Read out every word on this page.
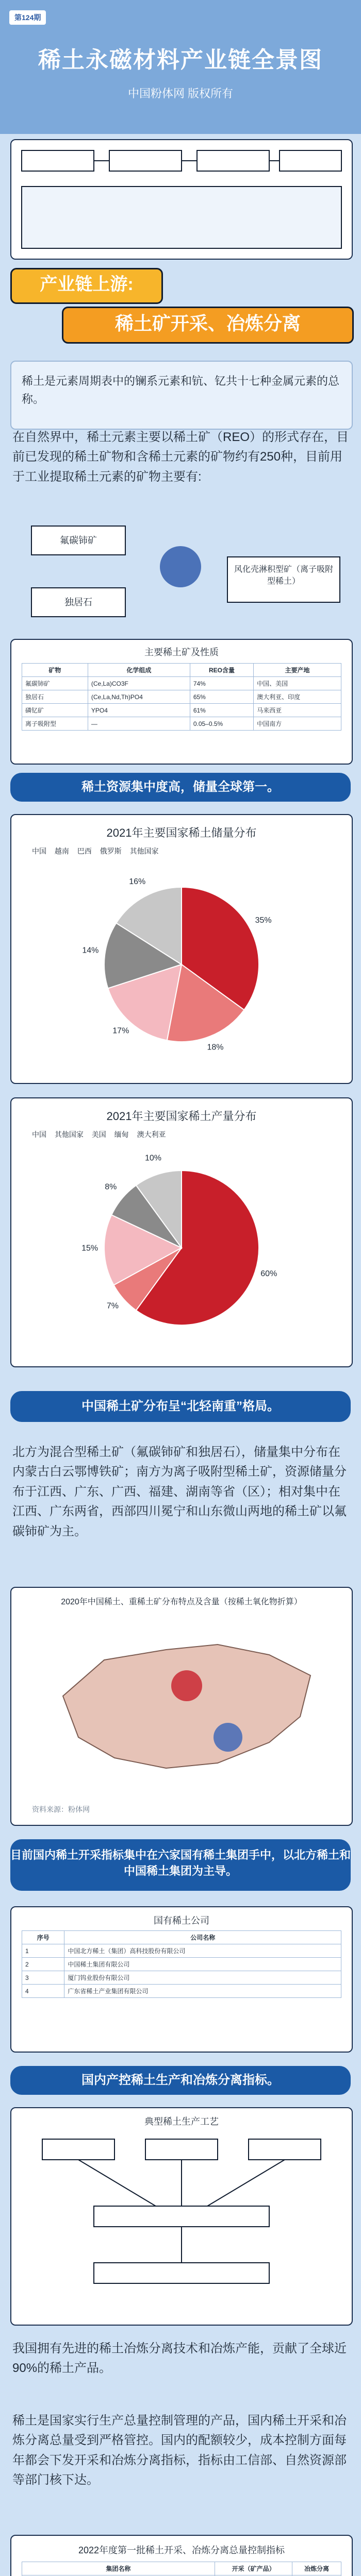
第124期
稀土永磁材料产业链全景图
中国粉体网 版权所有
产业链上游:
稀土矿开采、冶炼分离
稀土是元素周期表中的镧系元素和钪、钇共十七种金属元素的总称。
在自然界中，稀土元素主要以稀土矿（REO）的形式存在，目前已发现的稀土矿物和含稀土元素的矿物约有250种，目前用于工业提取稀土元素的矿物主要有:
氟碳铈矿
独居石
风化壳淋积型矿（离子吸附型稀土）
主要稀土矿及性质
矿物	化学组成	REO含量	主要产地
氟碳铈矿	(Ce,La)CO3F	74%	中国、美国
独居石	(Ce,La,Nd,Th)PO4	65%	澳大利亚、印度
磷钇矿	YPO4	61%	马来西亚
离子吸附型	—	0.05–0.5%	中国南方
稀土资源集中度高，储量全球第一。
2021年主要国家稀土储量分布
中国 越南 巴西 俄罗斯 其他国家
35%
18%
17%
14%
16%
2021年主要国家稀土产量分布
中国 其他国家 美国 缅甸 澳大利亚
60%
7%
15%
8%
10%
中国稀土矿分布呈“北轻南重”格局。
北方为混合型稀土矿（氟碳铈矿和独居石），储量集中分布在内蒙古白云鄂博铁矿；南方为离子吸附型稀土矿，资源储量分布于江西、广东、广西、福建、湖南等省（区）；相对集中在江西、广东两省，西部四川冕宁和山东微山两地的稀土矿以氟碳铈矿为主。
2020年中国稀土、重稀土矿分布特点及含量（按稀土氧化物折算）
资料来源：粉体网
目前国内稀土开采指标集中在六家国有稀土集团手中，以北方稀土和中国稀土集团为主导。
国有稀土公司
序号	公司名称
1	中国北方稀土（集团）高科技股份有限公司
2	中国稀土集团有限公司
3	厦门钨业股份有限公司
4	广东省稀土产业集团有限公司
国内产控稀土生产和冶炼分离指标。
典型稀土生产工艺
我国拥有先进的稀土冶炼分离技术和冶炼产能，贡献了全球近90%的稀土产品。
稀土是国家实行生产总量控制管理的产品，国内稀土开采和冶炼分离总量受到严格管控。国内的配额较少，成本控制方面每年都会下发开采和冶炼分离指标，指标由工信部、自然资源部等部门核下达。
2022年度第一批稀土开采、冶炼分离总量控制指标
集团名称	开采（矿产品）	冶炼分离
